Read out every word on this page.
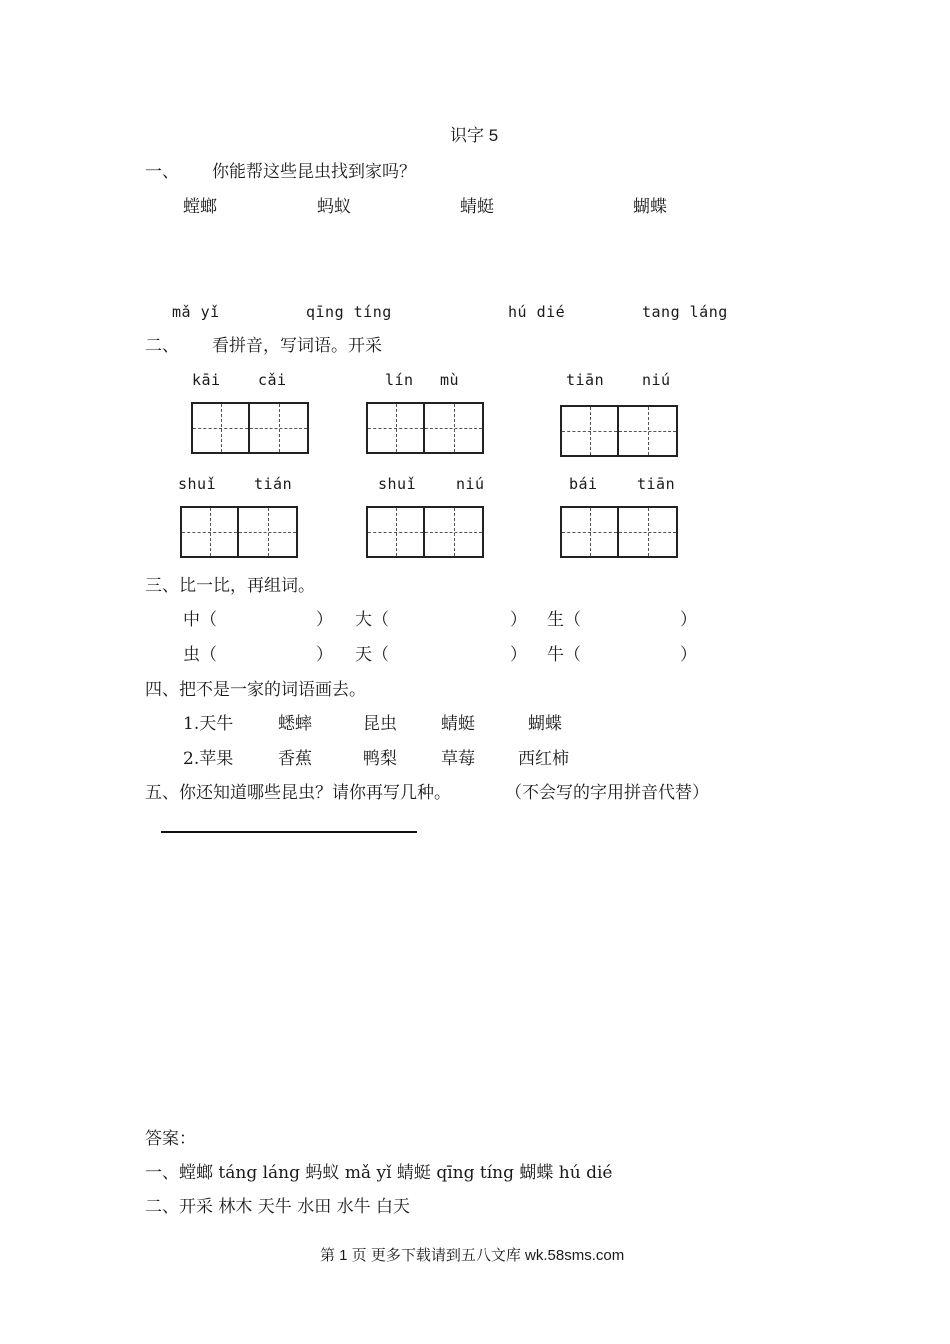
识字 5
一、 你能帮这些昆虫找到家吗？
螳螂	蚂蚁	蜻蜓	蝴蝶
mǎ yǐ	qīng tíng	hú dié	tang láng
二、 看拼音，写词语。开采
kāi cǎi	lín mù	tiān	niú
shuǐ	tián	shuǐ	niú	bái	tiān
三、比一比，再组词。
中（	） 大（	） 生（	）
虫（	） 天（	） 牛（	）
四、把不是一家的词语画去。
1.天牛	蟋蟀	昆虫	蜻蜓	蝴蝶
2.苹果	香蕉	鸭梨	草莓	西红柿
五、你还知道哪些昆虫？请你再写几种。	（不会写的字用拼音代替）
答案：
一、螳螂 táng láng 蚂蚁 mǎ yǐ 蜻蜓 qīng tíng 蝴蝶 hú dié
二、开采 林木 天牛 水田 水牛 白天
第 1 页 更多下载请到五八文库 wk.58sms.com
